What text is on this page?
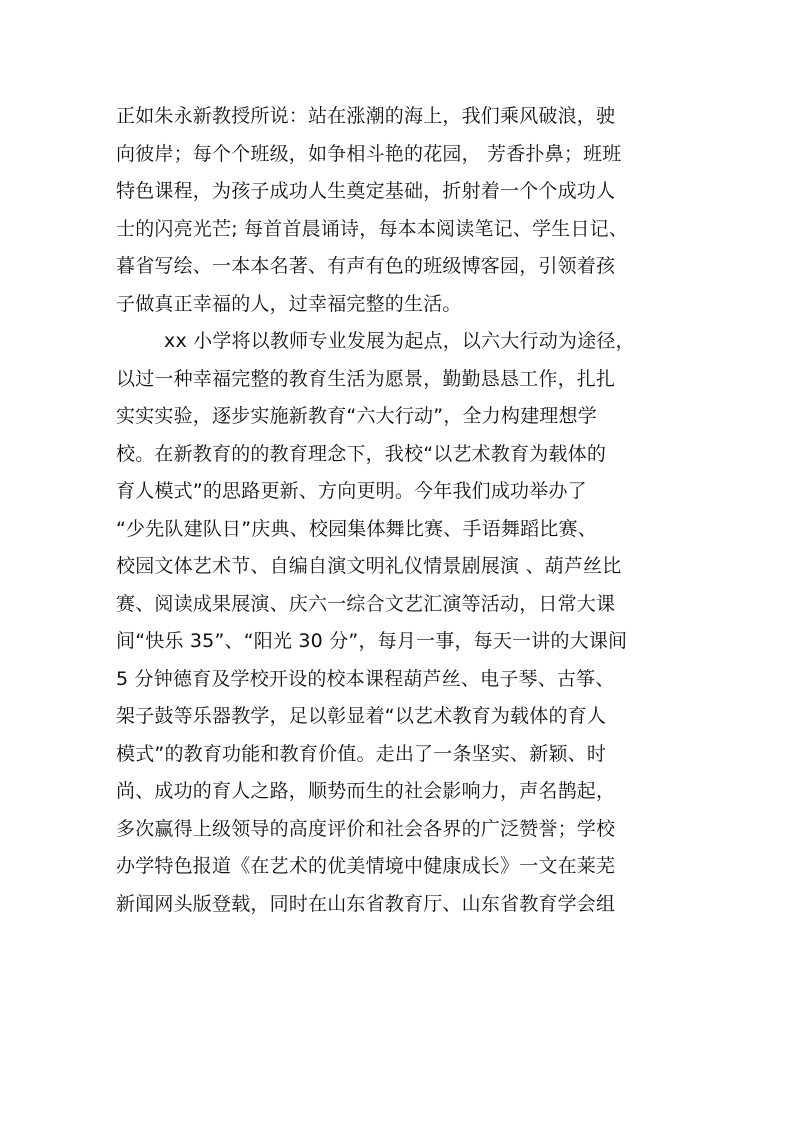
正如朱永新教授所说：站在涨潮的海上，我们乘风破浪，驶
向彼岸；每个个班级，如争相斗艳的花园， 芳香扑鼻；班班
特色课程，为孩子成功人生奠定基础，折射着一个个成功人
士的闪亮光芒; 每首首晨诵诗，每本本阅读笔记、学生日记、
暮省写绘、一本本名著、有声有色的班级博客园，引领着孩
子做真正幸福的人，过幸福完整的生活。
xx 小学将以教师专业发展为起点，以六大行动为途径，
以过一种幸福完整的教育生活为愿景，勤勤恳恳工作，扎扎
实实实验，逐步实施新教育“六大行动”，全力构建理想学
校。在新教育的的教育理念下，我校“以艺术教育为载体的
育人模式”的思路更新、方向更明。今年我们成功举办了
“少先队建队日”庆典、校园集体舞比赛、手语舞蹈比赛、
校园文体艺术节、自编自演文明礼仪情景剧展演 、葫芦丝比
赛、阅读成果展演、庆六一综合文艺汇演等活动，日常大课
间“快乐 35”、“阳光 30 分”，每月一事，每天一讲的大课间
5 分钟德育及学校开设的校本课程葫芦丝、电子琴、古筝、
架子鼓等乐器教学，足以彰显着“以艺术教育为载体的育人
模式”的教育功能和教育价值。走出了一条坚实、新颖、时
尚、成功的育人之路，顺势而生的社会影响力，声名鹊起，
多次赢得上级领导的高度评价和社会各界的广泛赞誉；学校
办学特色报道《在艺术的优美情境中健康成长》一文在莱芜
新闻网头版登载，同时在山东省教育厅、山东省教育学会组
